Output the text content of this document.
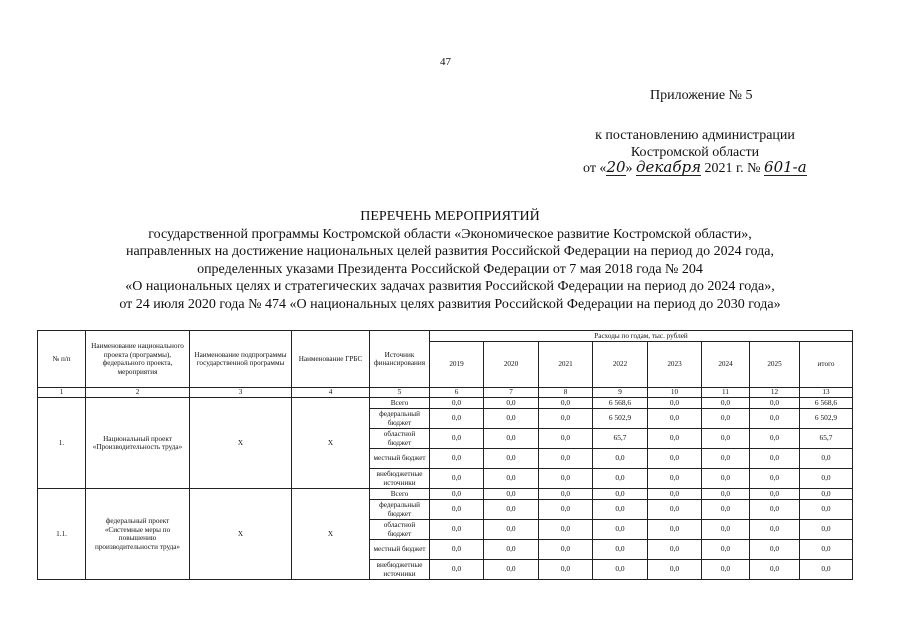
47
Приложение № 5
к постановлению администрации
Костромской области
от «20» декабря 2021 г. № 601-а
ПЕРЕЧЕНЬ МЕРОПРИЯТИЙ
государственной программы Костромской области «Экономическое развитие Костромской области»,
направленных на достижение национальных целей развития Российской Федерации на период до 2024 года,
определенных указами Президента Российской Федерации от 7 мая 2018 года № 204
«О национальных целях и стратегических задачах развития Российской Федерации на период до 2024 года»,
от 24 июля 2020 года № 474 «О национальных целях развития Российской Федерации на период до 2030 года»
№ п/п	Наименование национального проекта (программы), федерального проекта, мероприятия	Наименование подпрограммы государственной программы	Наименование ГРБС	Источник финансирования	Расходы по годам, тыс. рублей							
					2019	2020	2021	2022	2023	2024	2025	итого
1	2	3	4	5	6	7	8	9	10	11	12	13
1.	Национальный проект «Производительность труда»	Х	Х	Всего	0,0	0,0	0,0	6 568,6	0,0	0,0	0,0	6 568,6
				федеральный бюджет	0,0	0,0	0,0	6 502,9	0,0	0,0	0,0	6 502,9
				областной бюджет	0,0	0,0	0,0	65,7	0,0	0,0	0,0	65,7
				местный бюджет	0,0	0,0	0,0	0,0	0,0	0,0	0,0	0,0
				внебюджетные источники	0,0	0,0	0,0	0,0	0,0	0,0	0,0	0,0
1.1.	федеральный проект «Системные меры по повышению производительности труда»	Х	Х	Всего	0,0	0,0	0,0	0,0	0,0	0,0	0,0	0,0
				федеральный бюджет	0,0	0,0	0,0	0,0	0,0	0,0	0,0	0,0
				областной бюджет	0,0	0,0	0,0	0,0	0,0	0,0	0,0	0,0
				местный бюджет	0,0	0,0	0,0	0,0	0,0	0,0	0,0	0,0
				внебюджетные источники	0,0	0,0	0,0	0,0	0,0	0,0	0,0	0,0
